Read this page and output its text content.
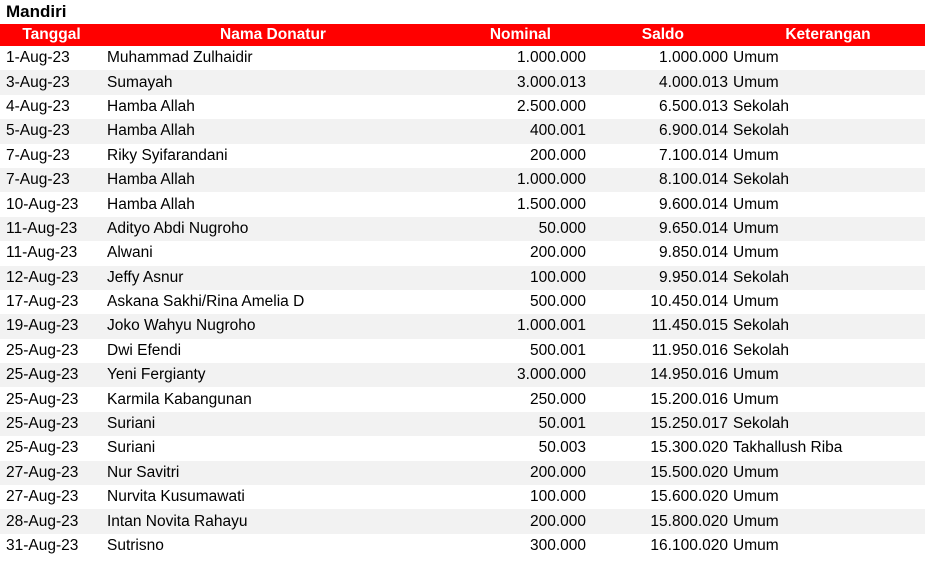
Mandiri
Tanggal	Nama Donatur	Nominal	Saldo	Keterangan
1-Aug-23	Muhammad Zulhaidir	1.000.000	1.000.000	Umum
3-Aug-23	Sumayah	3.000.013	4.000.013	Umum
4-Aug-23	Hamba Allah	2.500.000	6.500.013	Sekolah
5-Aug-23	Hamba Allah	400.001	6.900.014	Sekolah
7-Aug-23	Riky Syifarandani	200.000	7.100.014	Umum
7-Aug-23	Hamba Allah	1.000.000	8.100.014	Sekolah
10-Aug-23	Hamba Allah	1.500.000	9.600.014	Umum
11-Aug-23	Adityo Abdi Nugroho	50.000	9.650.014	Umum
11-Aug-23	Alwani	200.000	9.850.014	Umum
12-Aug-23	Jeffy Asnur	100.000	9.950.014	Sekolah
17-Aug-23	Askana Sakhi/Rina Amelia D	500.000	10.450.014	Umum
19-Aug-23	Joko Wahyu Nugroho	1.000.001	11.450.015	Sekolah
25-Aug-23	Dwi Efendi	500.001	11.950.016	Sekolah
25-Aug-23	Yeni Fergianty	3.000.000	14.950.016	Umum
25-Aug-23	Karmila Kabangunan	250.000	15.200.016	Umum
25-Aug-23	Suriani	50.001	15.250.017	Sekolah
25-Aug-23	Suriani	50.003	15.300.020	Takhallush Riba
27-Aug-23	Nur Savitri	200.000	15.500.020	Umum
27-Aug-23	Nurvita Kusumawati	100.000	15.600.020	Umum
28-Aug-23	Intan Novita Rahayu	200.000	15.800.020	Umum
31-Aug-23	Sutrisno	300.000	16.100.020	Umum
